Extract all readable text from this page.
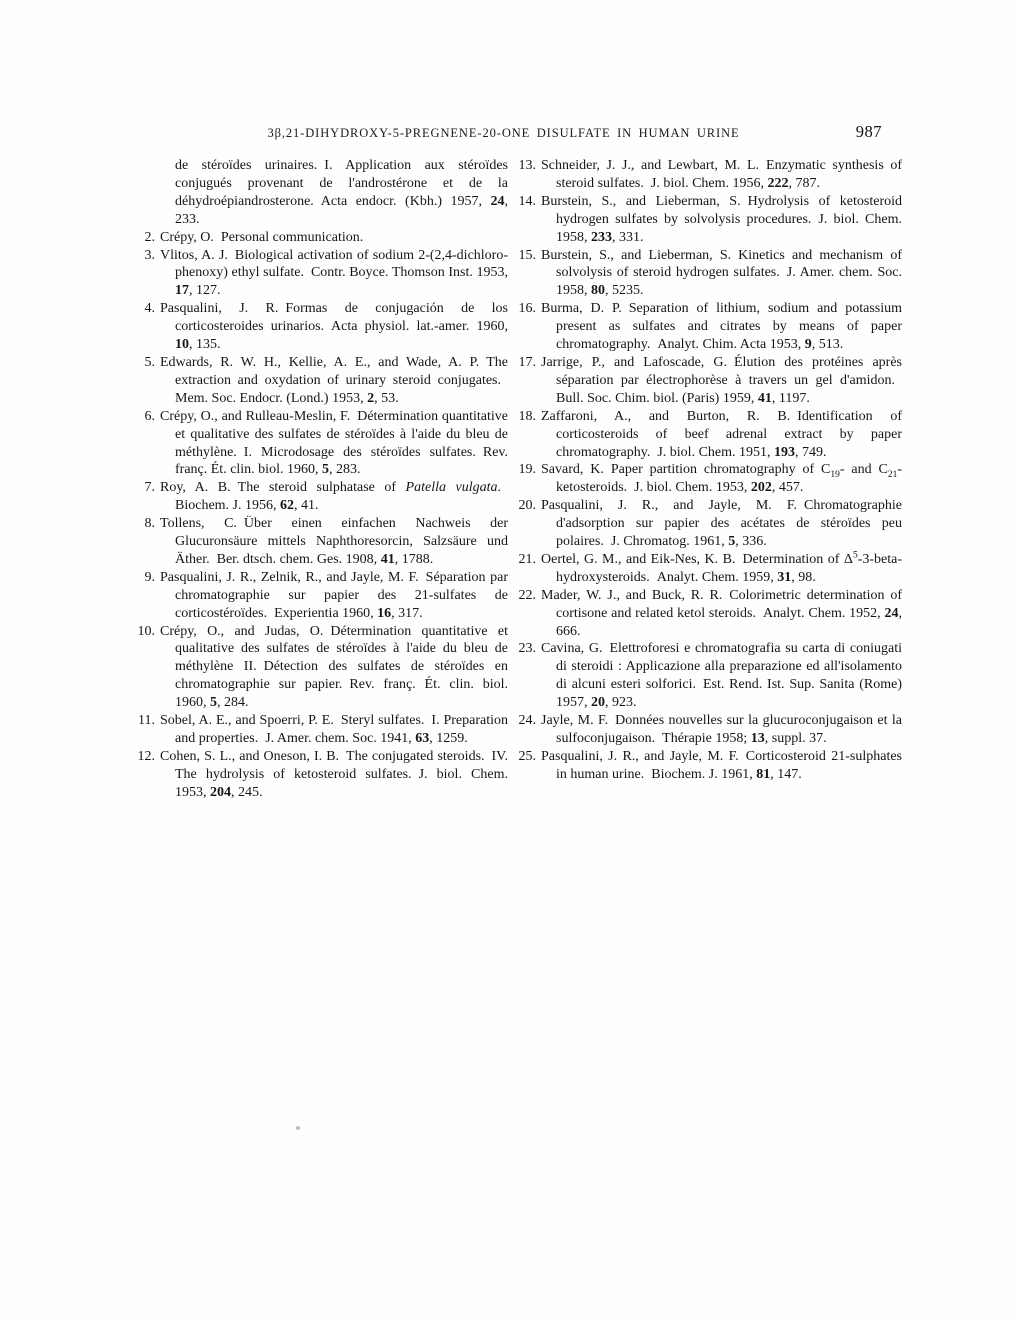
3β,21-DIHYDROXY-5-PREGNENE-20-ONE DISULFATE IN HUMAN URINE	987
de stéroïdes urinaires. I. Application aux stéroïdes conjugués provenant de l'androstérone et de la déhydroépiandrosterone. Acta endocr. (Kbh.) 1957, 24, 233.
2. Crépy, O. Personal communication.
3. Vlitos, A. J. Biological activation of sodium 2-(2,4-dichloro-phenoxy) ethyl sulfate. Contr. Boyce. Thomson Inst. 1953, 17, 127.
4. Pasqualini, J. R. Formas de conjugación de los corticosteroides urinarios. Acta physiol. lat.-amer. 1960, 10, 135.
5. Edwards, R. W. H., Kellie, A. E., and Wade, A. P. The extraction and oxydation of urinary steroid conjugates. Mem. Soc. Endocr. (Lond.) 1953, 2, 53.
6. Crépy, O., and Rulleau-Meslin, F. Détermination quantitative et qualitative des sulfates de stéroïdes à l'aide du bleu de méthylène. I. Microdosage des stéroïdes sulfates. Rev. franç. Ét. clin. biol. 1960, 5, 283.
7. Roy, A. B. The steroid sulphatase of Patella vulgata. Biochem. J. 1956, 62, 41.
8. Tollens, C. Über einen einfachen Nachweis der Glucuronsäure mittels Naphthoresorcin, Salzsäure und Äther. Ber. dtsch. chem. Ges. 1908, 41, 1788.
9. Pasqualini, J. R., Zelnik, R., and Jayle, M. F. Séparation par chromatographie sur papier des 21-sulfates de corticostéroïdes. Experientia 1960, 16, 317.
10. Crépy, O., and Judas, O. Détermination quantitative et qualitative des sulfates de stéroïdes à l'aide du bleu de méthylène II. Détection des sulfates de stéroïdes en chromatographie sur papier. Rev. franç. Ét. clin. biol. 1960, 5, 284.
11. Sobel, A. E., and Spoerri, P. E. Steryl sulfates. I. Preparation and properties. J. Amer. chem. Soc. 1941, 63, 1259.
12. Cohen, S. L., and Oneson, I. B. The conjugated steroids. IV. The hydrolysis of ketosteroid sulfates. J. biol. Chem. 1953, 204, 245.
13. Schneider, J. J., and Lewbart, M. L. Enzymatic synthesis of steroid sulfates. J. biol. Chem. 1956, 222, 787.
14. Burstein, S., and Lieberman, S. Hydrolysis of ketosteroid hydrogen sulfates by solvolysis procedures. J. biol. Chem. 1958, 233, 331.
15. Burstein, S., and Lieberman, S. Kinetics and mechanism of solvolysis of steroid hydrogen sulfates. J. Amer. chem. Soc. 1958, 80, 5235.
16. Burma, D. P. Separation of lithium, sodium and potassium present as sulfates and citrates by means of paper chromatography. Analyt. Chim. Acta 1953, 9, 513.
17. Jarrige, P., and Lafoscade, G. Élution des protéines après séparation par électrophorèse à travers un gel d'amidon. Bull. Soc. Chim. biol. (Paris) 1959, 41, 1197.
18. Zaffaroni, A., and Burton, R. B. Identification of corticosteroids of beef adrenal extract by paper chromatography. J. biol. Chem. 1951, 193, 749.
19. Savard, K. Paper partition chromatography of $C_{19}-$ and $C_{21}$-ketosteroids. J. biol. Chem. 1953, 202, 457.
20. Pasqualini, J. R., and Jayle, M. F. Chromatographie d'adsorption sur papier des acétates de stéroïdes peu polaires. J. Chromatog. 1961, 5, 336.
21. Oertel, G. M., and Eik-Nes, K. B. Determination of $\Delta^5-3-beta$-hydroxysteroids. Analyt. Chem. 1959, 31, 98.
22. Mader, W. J., and Buck, R. R. Colorimetric determination of cortisone and related ketol steroids. Analyt. Chem. 1952, 24, 666.
23. Cavina, G. Elettroforesi e chromatografia su carta di coniugati di steroidi : Applicazione alla preparazione ed all'isolamento di alcuni esteri solforici. Est. Rend. Ist. Sup. Sanita (Rome) 1957, 20, 923.
24. Jayle, M. F. Données nouvelles sur la glucuroconjugaison et la sulfoconjugaison. Thérapie 1958; 13, suppl. 37.
25. Pasqualini, J. R., and Jayle, M. F. Corticosteroid 21-sulphates in human urine. Biochem. J. 1961, 81, 147.
